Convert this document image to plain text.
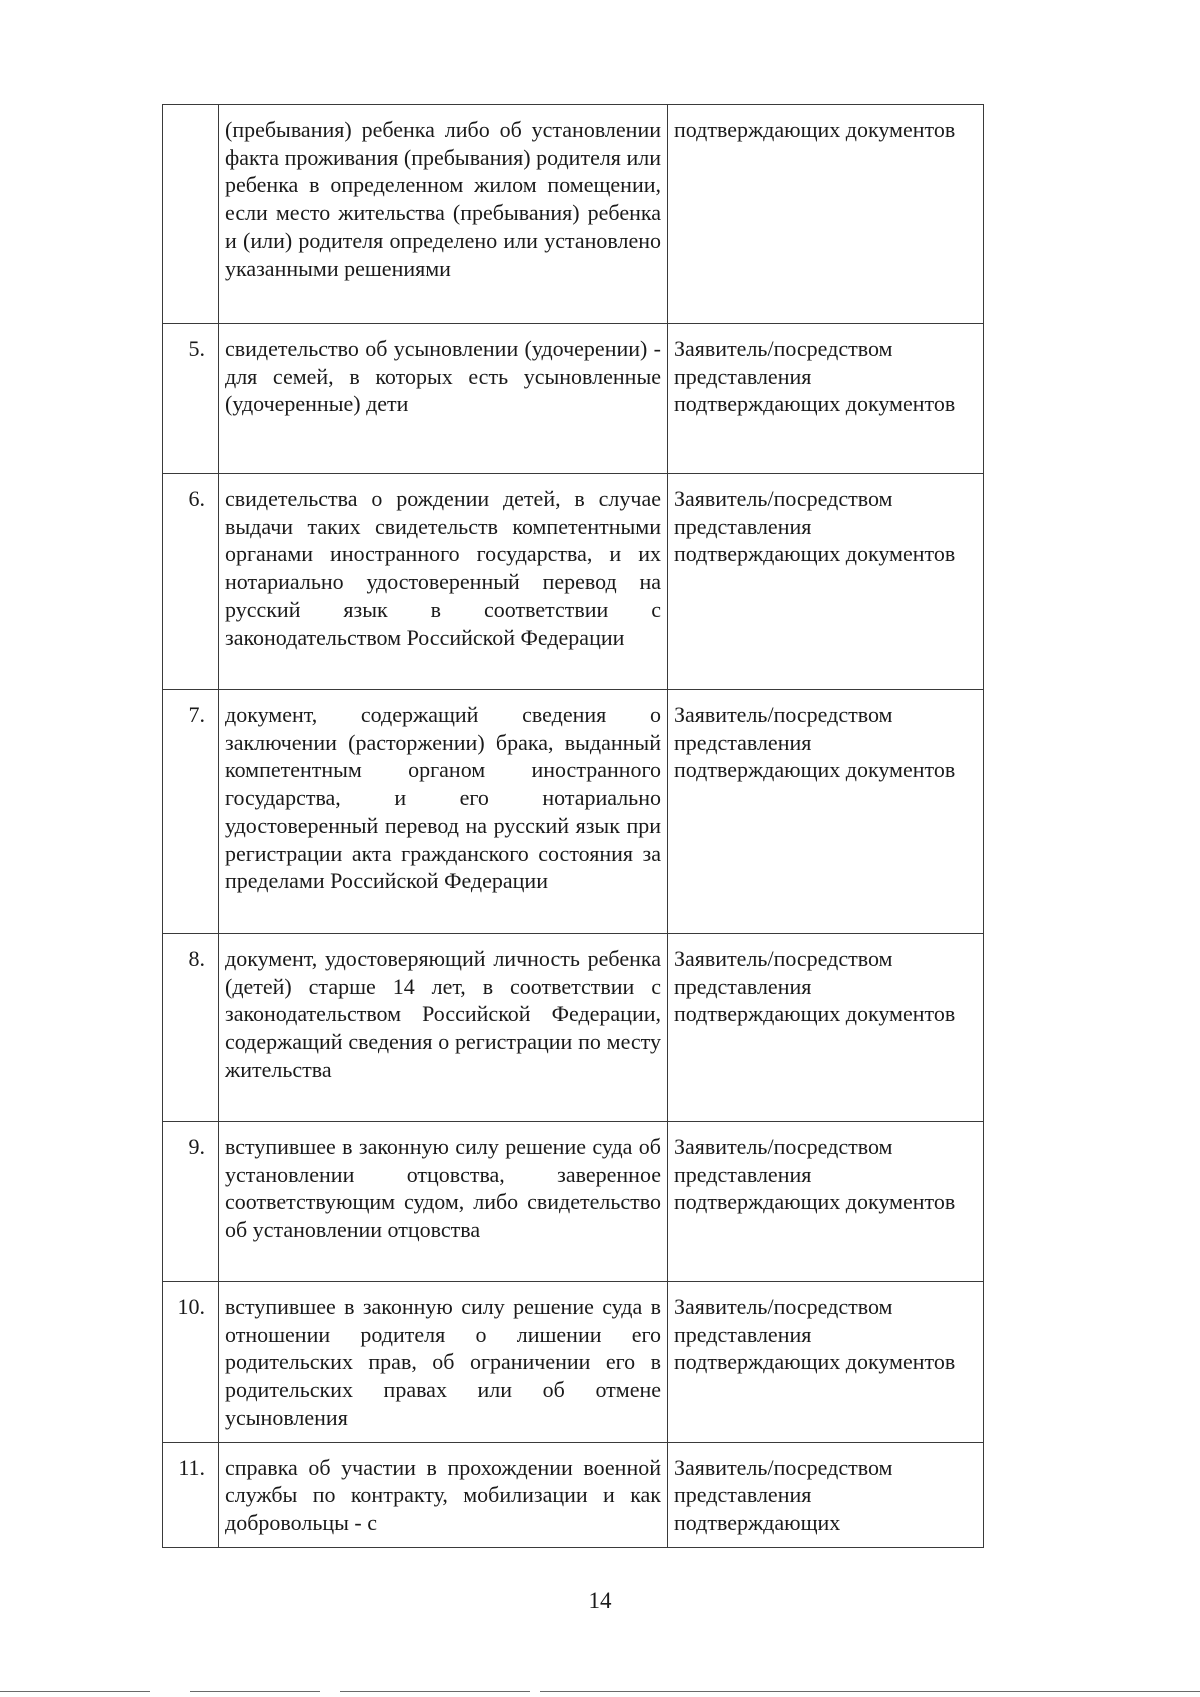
	(пребывания) ребенка либо об установлении факта проживания (пребывания) родителя или ребенка в определенном жилом помещении, если место жительства (пребывания) ребенка и (или) родителя определено или установлено указанными решениями	подтверждающих документов
5.	свидетельство об усыновлении (удочерении) - для семей, в которых есть усыновленные (удочеренные) дети	Заявитель/посредством представления подтверждающих документов
6.	свидетельства о рождении детей, в случае выдачи таких свидетельств компетентными органами иностранного государства, и их нотариально удостоверенный перевод на русский язык в соответствии с законодательством Российской Федерации	Заявитель/посредством представления подтверждающих документов
7.	документ, содержащий сведения о заключении (расторжении) брака, выданный компетентным органом иностранного государства, и его нотариально удостоверенный перевод на русский язык при регистрации акта гражданского состояния за пределами Российской Федерации	Заявитель/посредством представления подтверждающих документов
8.	документ, удостоверяющий личность ребенка (детей) старше 14 лет, в соответствии с законодательством Российской Федерации, содержащий сведения о регистрации по месту жительства	Заявитель/посредством представления подтверждающих документов
9.	вступившее в законную силу решение суда об установлении отцовства, заверенное соответствующим судом, либо свидетельство об установлении отцовства	Заявитель/посредством представления подтверждающих документов
10.	вступившее в законную силу решение суда в отношении родителя о лишении его родительских прав, об ограничении его в родительских правах или об отмене усыновления	Заявитель/посредством представления подтверждающих документов
11.	справка об участии в прохождении военной службы по контракту, мобилизации и как добровольцы - с	Заявитель/посредством представления подтверждающих
14
